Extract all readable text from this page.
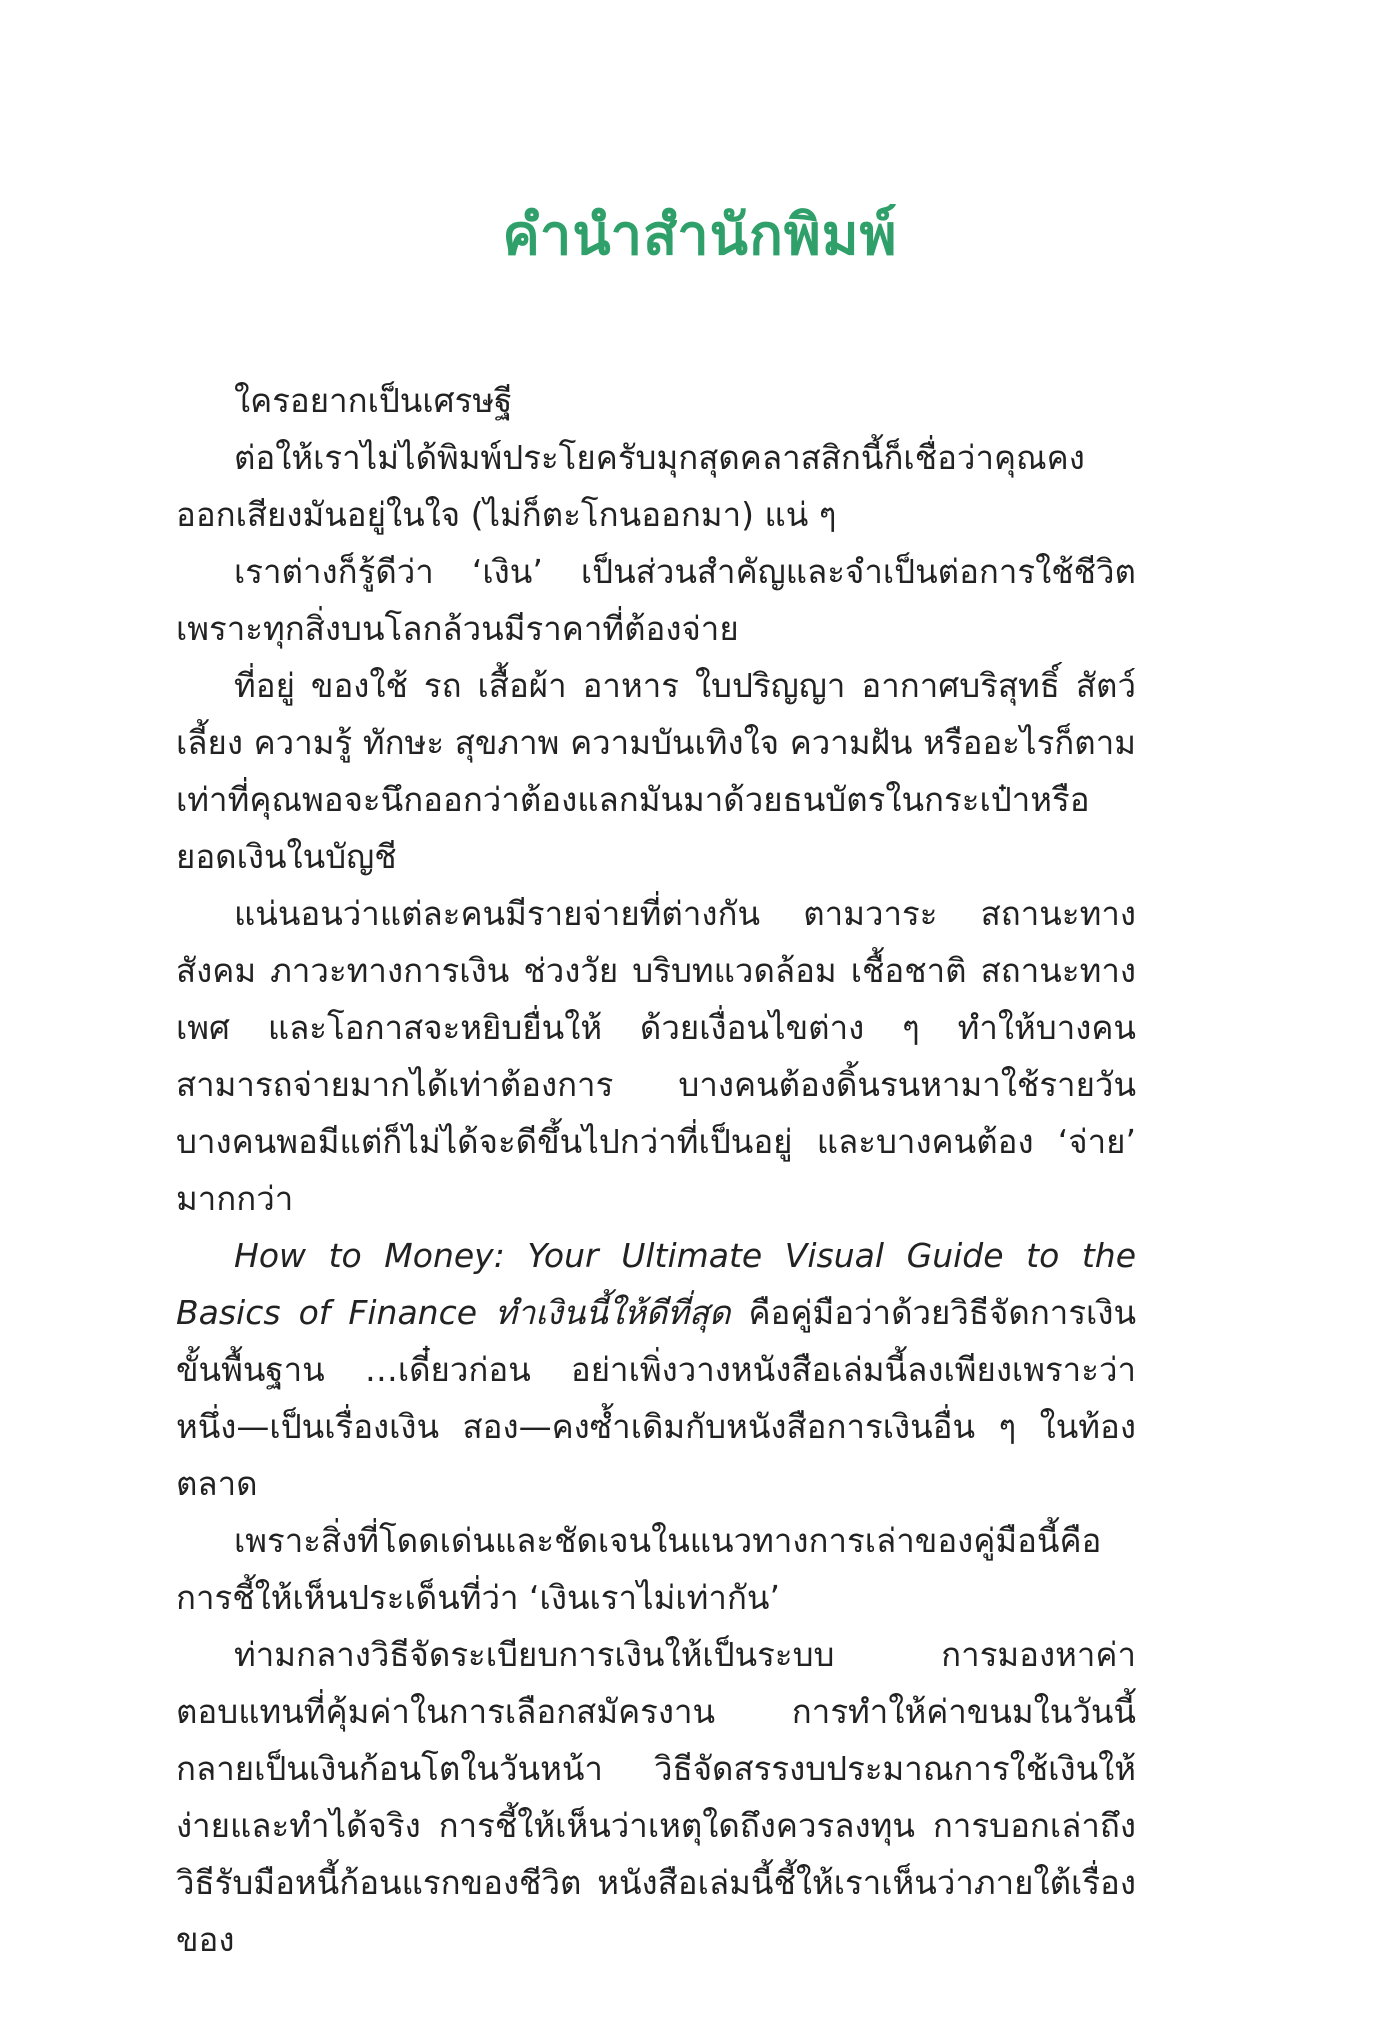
คำนำสำนักพิมพ์

ใครอยากเป็นเศรษฐี

ต่อให้เราไม่ได้พิมพ์ประโยครับมุกสุดคลาสสิกนี้ก็เชื่อว่าคุณคงออกเสียงมันอยู่ในใจ (ไม่ก็ตะโกนออกมา) แน่ ๆ

เราต่างก็รู้ดีว่า ‘เงิน’ เป็นส่วนสำคัญและจำเป็นต่อการใช้ชีวิตเพราะทุกสิ่งบนโลกล้วนมีราคาที่ต้องจ่าย

ที่อยู่ ของใช้ รถ เสื้อผ้า อาหาร ใบปริญญา อากาศบริสุทธิ์ สัตว์เลี้ยง ความรู้ ทักษะ สุขภาพ ความบันเทิงใจ ความฝัน หรืออะไรก็ตามเท่าที่คุณพอจะนึกออกว่าต้องแลกมันมาด้วยธนบัตรในกระเป๋าหรือยอดเงินในบัญชี

แน่นอนว่าแต่ละคนมีรายจ่ายที่ต่างกัน ตามวาระ สถานะทางสังคม ภาวะทางการเงิน ช่วงวัย บริบทแวดล้อม เชื้อชาติ สถานะทางเพศ และโอกาสจะหยิบยื่นให้ ด้วยเงื่อนไขต่าง ๆ ทำให้บางคนสามารถจ่ายมากได้เท่าต้องการ บางคนต้องดิ้นรนหามาใช้รายวัน บางคนพอมีแต่ก็ไม่ได้จะดีขึ้นไปกว่าที่เป็นอยู่ และบางคนต้อง ‘จ่าย’ มากกว่า

How to Money: Your Ultimate Visual Guide to the Basics of Finance ทำเงินนี้ให้ดีที่สุด คือคู่มือว่าด้วยวิธีจัดการเงินขั้นพื้นฐาน …เดี๋ยวก่อน อย่าเพิ่งวางหนังสือเล่มนี้ลงเพียงเพราะว่า หนึ่ง—เป็นเรื่องเงิน สอง—คงซ้ำเดิมกับหนังสือการเงินอื่น ๆ ในท้องตลาด

เพราะสิ่งที่โดดเด่นและชัดเจนในแนวทางการเล่าของคู่มือนี้คือการชี้ให้เห็นประเด็นที่ว่า ‘เงินเราไม่เท่ากัน’

ท่ามกลางวิธีจัดระเบียบการเงินให้เป็นระบบ การมองหาค่าตอบแทนที่คุ้มค่าในการเลือกสมัครงาน การทำให้ค่าขนมในวันนี้กลายเป็นเงินก้อนโตในวันหน้า วิธีจัดสรรงบประมาณการใช้เงินให้ง่ายและทำได้จริง การชี้ให้เห็นว่าเหตุใดถึงควรลงทุน การบอกเล่าถึงวิธีรับมือหนี้ก้อนแรกของชีวิต หนังสือเล่มนี้ชี้ให้เราเห็นว่าภายใต้เรื่องของ
